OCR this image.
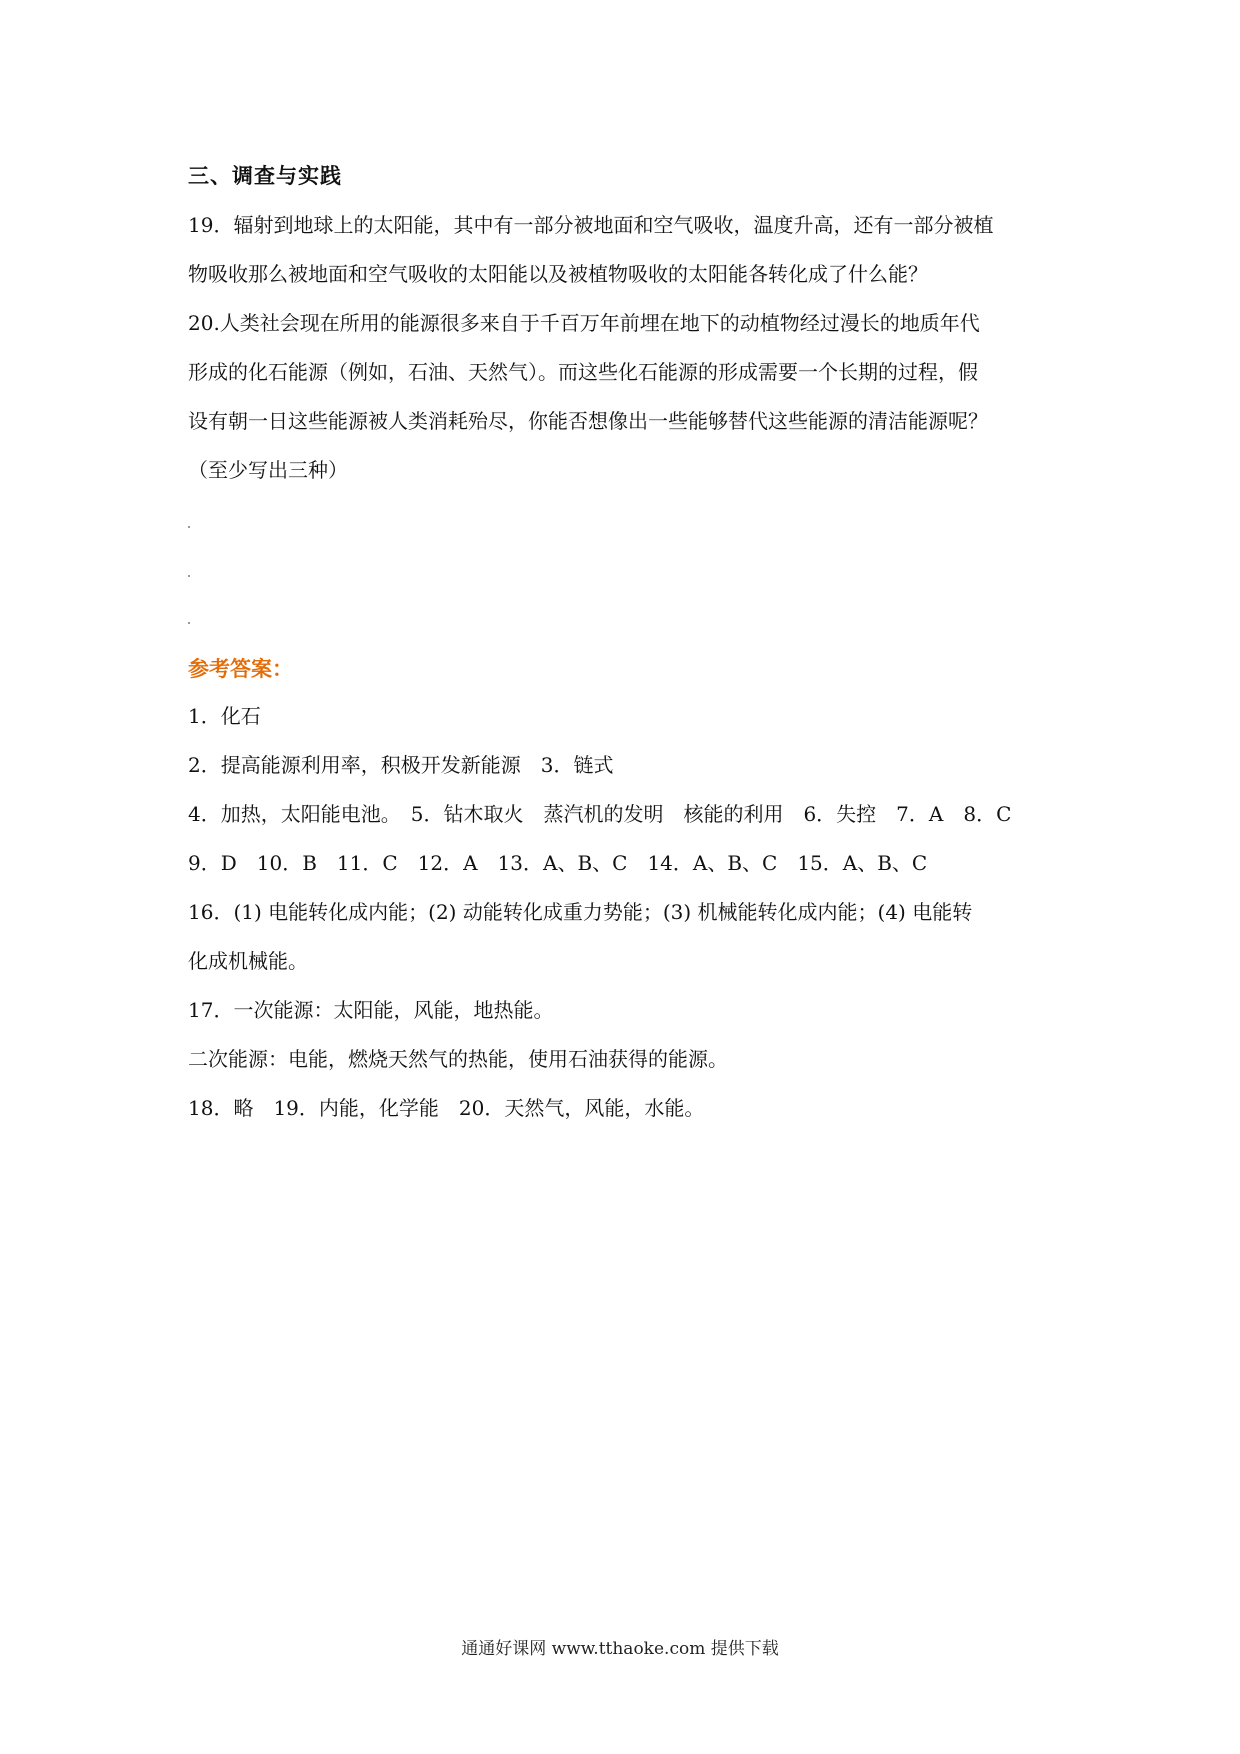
三、调查与实践
19．辐射到地球上的太阳能，其中有一部分被地面和空气吸收，温度升高，还有一部分被植
物吸收那么被地面和空气吸收的太阳能以及被植物吸收的太阳能各转化成了什么能？
20.人类社会现在所用的能源很多来自于千百万年前埋在地下的动植物经过漫长的地质年代
形成的化石能源（例如，石油、天然气）。而这些化石能源的形成需要一个长期的过程，假
设有朝一日这些能源被人类消耗殆尽，你能否想像出一些能够替代这些能源的清洁能源呢？
（至少写出三种）
参考答案：
1．化石
2．提高能源利用率，积极开发新能源　3．链式
4．加热，太阳能电池。　5．钻木取火　蒸汽机的发明　核能的利用　6．失控　7．A　8．C
9．D　10．B　11．C　12．A　13．A、B、C　14．A、B、C　15．A、B、C
16．(1) 电能转化成内能；(2) 动能转化成重力势能；(3) 机械能转化成内能；(4) 电能转
化成机械能。
17．一次能源：太阳能，风能，地热能。
二次能源：电能，燃烧天然气的热能，使用石油获得的能源。
18．略　19．内能，化学能　20．天然气，风能，水能。
通通好课网 www.tthaoke.com 提供下载
